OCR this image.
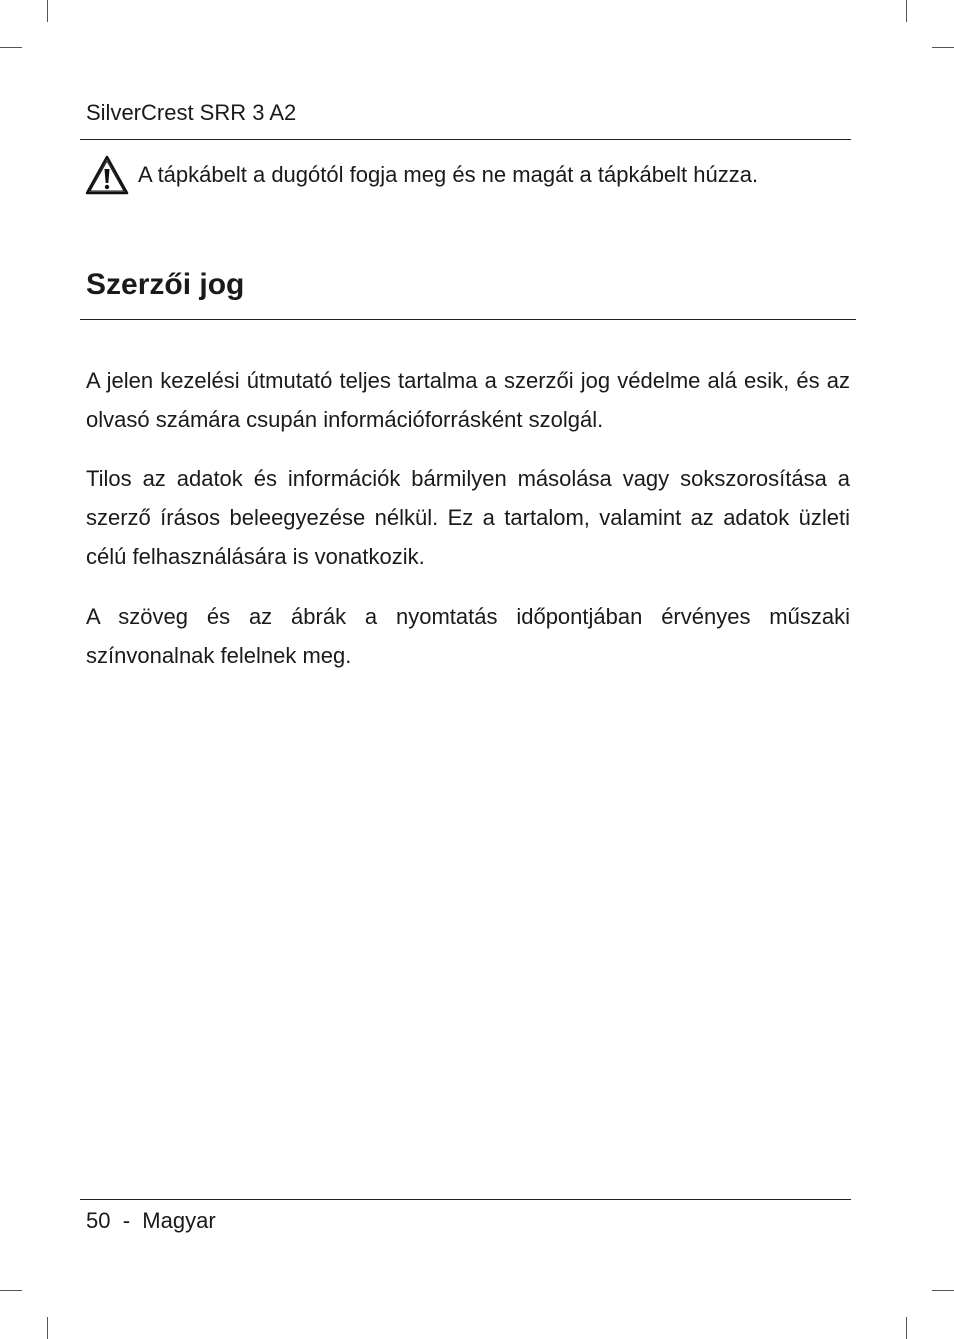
SilverCrest SRR 3 A2
A tápkábelt a dugótól fogja meg és ne magát a tápkábelt húzza.
Szerzői jog

A jelen kezelési útmutató teljes tartalma a szerzői jog védelme alá esik, és az olvasó számára csupán információforrásként szolgál.

Tilos az adatok és információk bármilyen másolása vagy sokszorosítása a szerző írásos beleegyezése nélkül. Ez a tartalom, valamint az adatok üzleti célú felhasználására is vonatkozik.

A szöveg és az ábrák a nyomtatás időpontjában érvényes műszaki színvonalnak felelnek meg.

50 - Magyar
